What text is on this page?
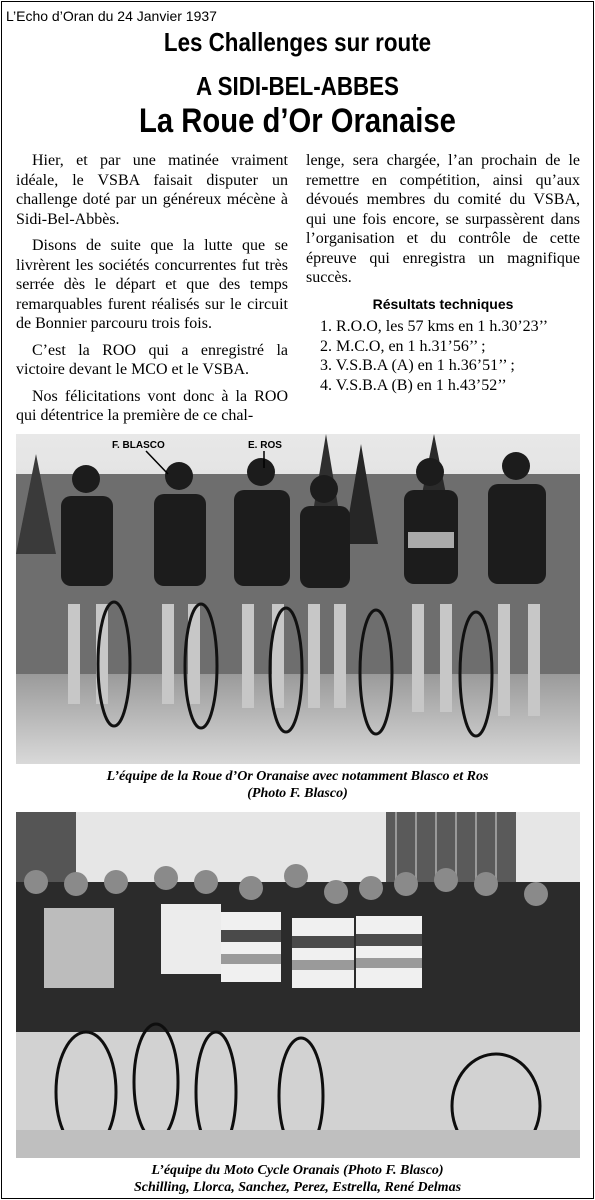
L’Echo d’Oran du 24 Janvier 1937
Les Challenges sur route
A SIDI-BEL-ABBES
La Roue d’Or Oranaise

Hier, et par une matinée vraiment idéale, le VSBA faisait disputer un challenge doté par un généreux mécène à Sidi-Bel-Abbès.

Disons de suite que la lutte que se livrèrent les sociétés concurrentes fut très serrée dès le départ et que des temps remarquables furent réalisés sur le circuit de Bonnier parcouru trois fois.

C’est la ROO qui a enregistré la victoire devant le MCO et le VSBA.

Nos félicitations vont donc à la ROO qui détentrice la première de ce chal-

lenge, sera chargée, l’an prochain de le remettre en compétition, ainsi qu’aux dévoués membres du comité du VSBA, qui une fois encore, se surpassèrent dans l’organisation et du contrôle de cette épreuve qui enregistra un magnifique succès.

Résultats techniques
1. R.O.O, les 57 kms en 1 h.30’23’’
2. M.C.O, en 1 h.31’56’’ ;
3. V.S.B.A (A) en 1 h.36’51’’ ;
4. V.S.B.A (B) en 1 h.43’52’’
F. BLASCO	E. ROS
L’équipe de la Roue d’Or Oranaise avec notamment Blasco et Ros
(Photo F. Blasco)
L’équipe du Moto Cycle Oranais (Photo F. Blasco)
Schilling, Llorca, Sanchez, Perez, Estrella, René Delmas
